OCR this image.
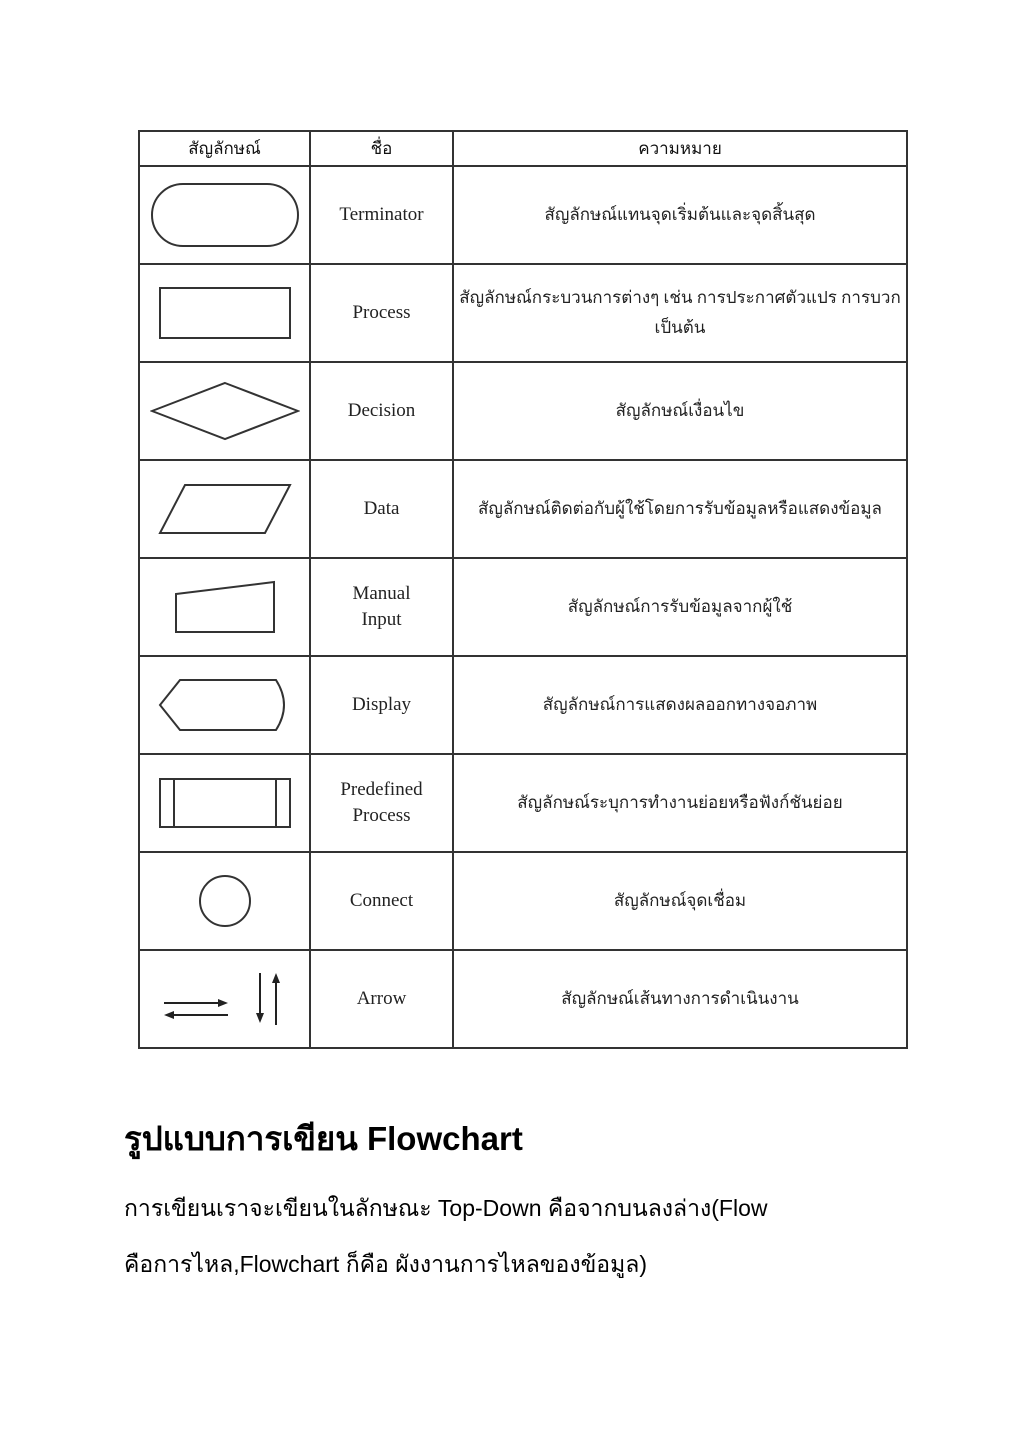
สัญลักษณ์	ชื่อ	ความหมาย

	Terminator	สัญลักษณ์แทนจุดเริ่มต้นและจุดสิ้นสุด

	Process	สัญลักษณ์กระบวนการต่างๆ เช่น การประกาศตัวแปร การบวก เป็นต้น

	Decision	สัญลักษณ์เงื่อนไข

	Data	สัญลักษณ์ติดต่อกับผู้ใช้โดยการรับข้อมูลหรือแสดงข้อมูล

	Manual
Input	สัญลักษณ์การรับข้อมูลจากผู้ใช้

	Display	สัญลักษณ์การแสดงผลออกทางจอภาพ

	Predefined
Process	สัญลักษณ์ระบุการทำงานย่อยหรือฟังก์ชันย่อย

	Connect	สัญลักษณ์จุดเชื่อม

	Arrow	สัญลักษณ์เส้นทางการดำเนินงาน
รูปแบบการเขียน Flowchart

การเขียนเราจะเขียนในลักษณะ Top-Down คือจากบนลงล่าง(Flow
คือการไหล,Flowchart ก็คือ ผังงานการไหลของข้อมูล)
